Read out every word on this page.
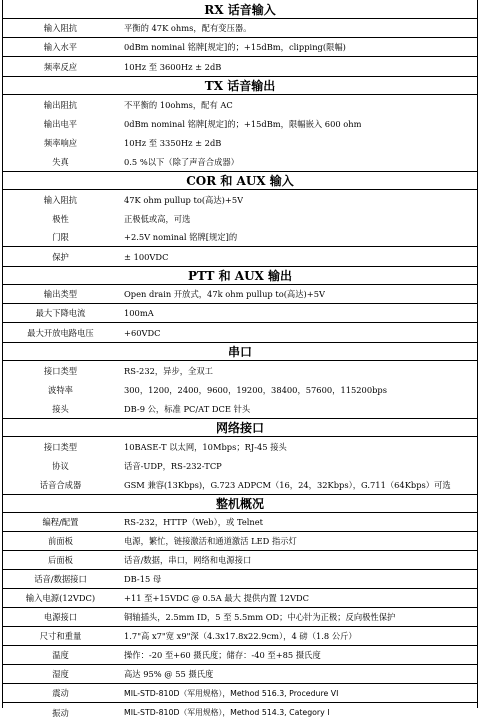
RX 话音输入
输入阻抗	平衡的 47K ohms，配有变压器。
输入水平	0dBm nominal 铭牌[规定]的；+15dBm，clipping(限幅)
频率反应	10Hz 至 3600Hz ± 2dB
TX 话音输出
输出阻抗	不平衡的 10ohms，配有 AC
输出电平	0dBm nominal 铭牌[规定]的；+15dBm，限幅嵌入 600 ohm
频率响应	10Hz 至 3350Hz ± 2dB
失真	0.5 %以下（除了声音合成器）
COR 和 AUX 输入
输入阻抗	47K ohm pullup to(高达)+5V
极性	正极低或高，可选
门限	+2.5V nominal 铭牌[规定]的
保护	± 100VDC
PTT 和 AUX 输出
输出类型	Open drain 开放式，47k ohm pullup to(高达)+5V
最大下降电流	100mA
最大开放电路电压	+60VDC
串口
接口类型	RS-232，异步，全双工
波特率	300，1200，2400，9600，19200，38400，57600，115200bps
接头	DB-9 公，标准 PC/AT DCE 针头
网络接口
接口类型	10BASE-T 以太网，10Mbps；RJ-45 接头
协议	话音-UDP，RS-232-TCP
话音合成器	GSM 兼容(13Kbps)，G.723 ADPCM（16，24，32Kbps），G.711（64Kbps）可选
整机概况
编程/配置	RS-232，HTTP（Web），或 Telnet
前面板	电源，繁忙，链接激活和通道激活 LED 指示灯
后面板	话音/数据，串口，网络和电源接口
话音/数据接口	DB-15 母
输入电源(12VDC)	+11 至+15VDC @ 0.5A 最大 提供内置 12VDC
电源接口	铜轴插头，2.5mm ID，5 至 5.5mm OD；中心针为正极；反向极性保护
尺寸和重量	1.7"高 x7"宽 x9"深（4.3x17.8x22.9cm），4 磅（1.8 公斤）
温度	操作：-20 至+60 摄氏度；储存：-40 至+85 摄氏度
湿度	高达 95% @ 55 摄氏度
震动	MIL-STD-810D（军用规格），Method 516.3, Procedure VI
振动	MIL-STD-810D（军用规格），Method 514.3, Category I
